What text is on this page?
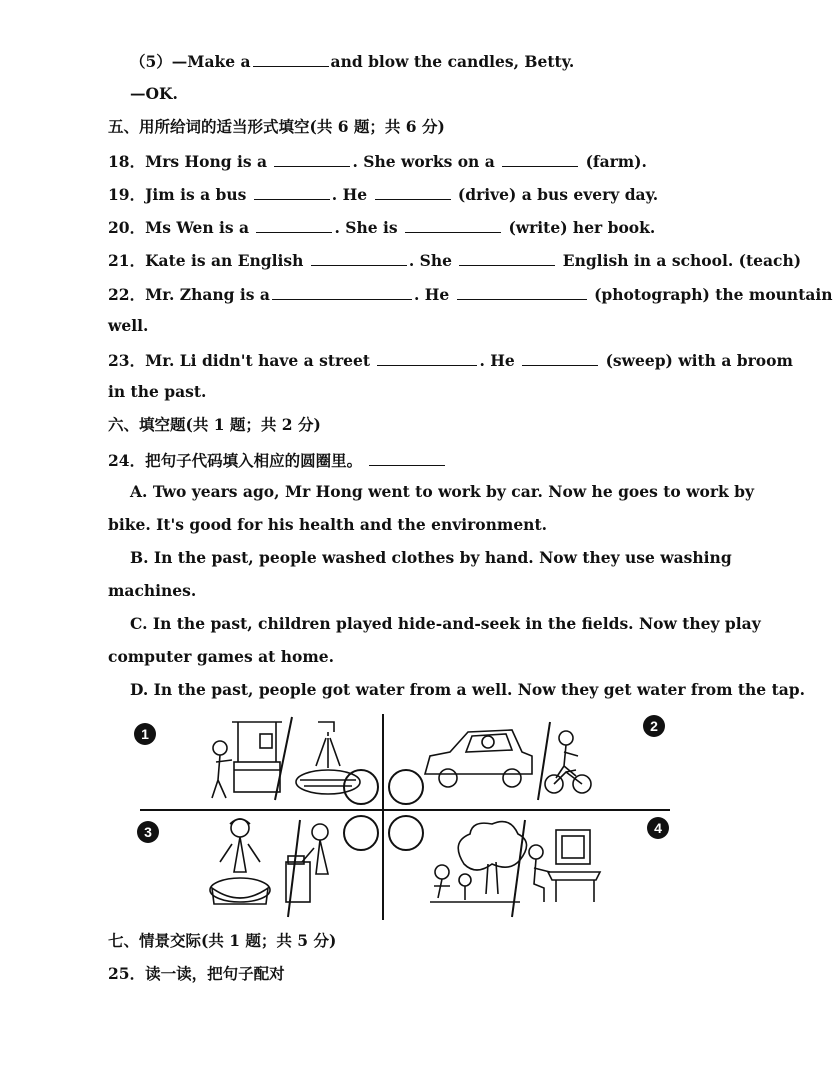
（5）—Make a	and blow the candles, Betty.
—OK.
五、用所给词的适当形式填空(共 6 题；共 6 分)
18．Mrs Hong is a	. She works on a	(farm).
19．Jim is a bus	. He	(drive) a bus every day.
20．Ms Wen is a	. She is	(write) her book.
21．Kate is an English	. She	English in a school. (teach)
22．Mr. Zhang is a	. He	(photograph) the mountain
well.
23．Mr. Li didn't have a street	. He	(sweep) with a broom
in the past.
六、填空题(共 1 题；共 2 分)
24．把句子代码填入相应的圆圈里。
A. Two years ago, Mr Hong went to work by car. Now he goes to work by
bike. It's good for his health and the environment.
B. In the past, people washed clothes by hand. Now they use washing
machines.
C. In the past, children played hide-and-seek in the fields. Now they play
computer games at home.
D. In the past, people got water from a well. Now they get water from the tap.
1	2
3	4
七、情景交际(共 1 题；共 5 分)
25．读一读，把句子配对
